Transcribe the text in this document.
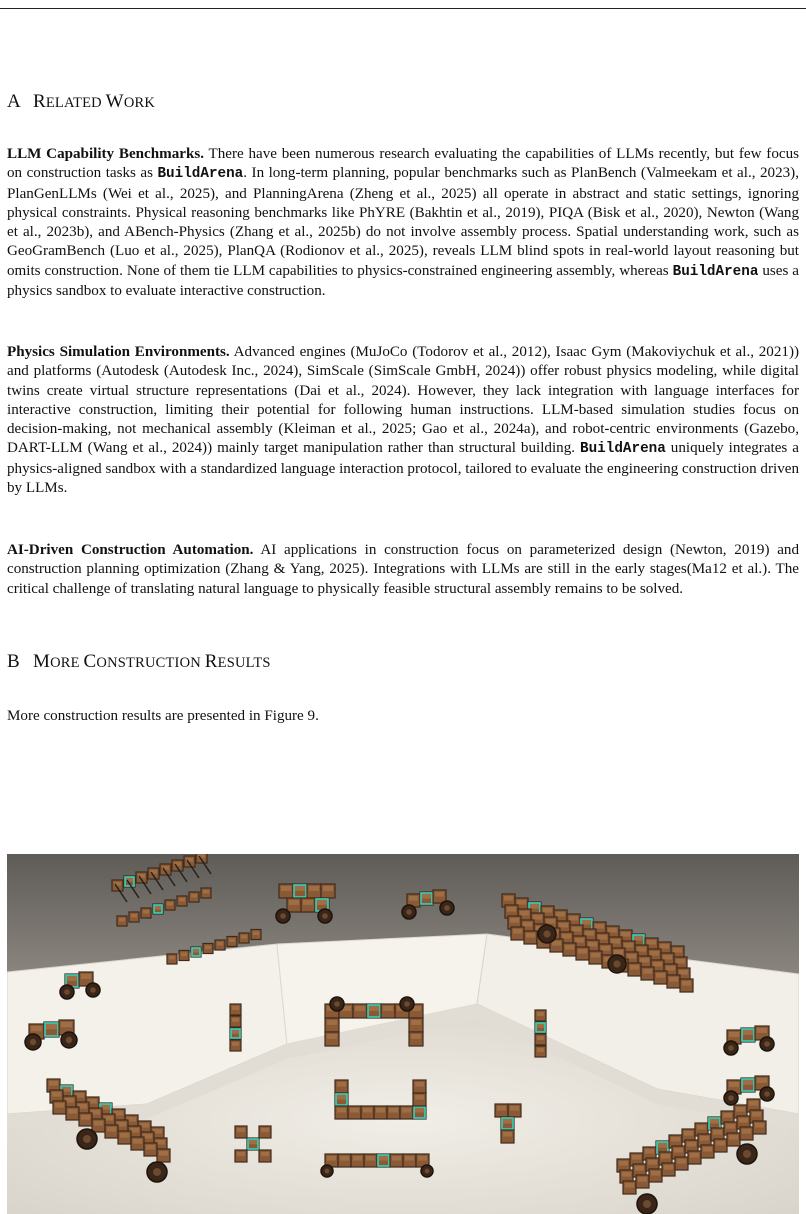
A RELATED WORK

LLM Capability Benchmarks. There have been numerous research evaluating the capabilities of LLMs recently, but few focus on construction tasks as BuildArena. In long-term planning, popular benchmarks such as PlanBench (Valmeekam et al., 2023), PlanGenLLMs (Wei et al., 2025), and PlanningArena (Zheng et al., 2025) all operate in abstract and static settings, ignoring physical constraints. Physical reasoning benchmarks like PhYRE (Bakhtin et al., 2019), PIQA (Bisk et al., 2020), Newton (Wang et al., 2023b), and ABench-Physics (Zhang et al., 2025b) do not involve assembly process. Spatial understanding work, such as GeoGramBench (Luo et al., 2025), PlanQA (Rodionov et al., 2025), reveals LLM blind spots in real-world layout reasoning but omits construction. None of them tie LLM capabilities to physics-constrained engineering assembly, whereas BuildArena uses a physics sandbox to evaluate interactive construction.

Physics Simulation Environments. Advanced engines (MuJoCo (Todorov et al., 2012), Isaac Gym (Makoviychuk et al., 2021)) and platforms (Autodesk (Autodesk Inc., 2024), SimScale (SimScale GmbH, 2024)) offer robust physics modeling, while digital twins create virtual structure representations (Dai et al., 2024). However, they lack integration with language interfaces for interactive construction, limiting their potential for following human instructions. LLM-based simulation studies focus on decision-making, not mechanical assembly (Kleiman et al., 2025; Gao et al., 2024a), and robot-centric environments (Gazebo, DART-LLM (Wang et al., 2024)) mainly target manipulation rather than structural building. BuildArena uniquely integrates a physics-aligned sandbox with a standardized language interaction protocol, tailored to evaluate the engineering construction driven by LLMs.

AI-Driven Construction Automation. AI applications in construction focus on parameterized design (Newton, 2019) and construction planning optimization (Zhang & Yang, 2025). Integrations with LLMs are still in the early stages(Ma12 et al.). The critical challenge of translating natural language to physically feasible structural assembly remains to be solved.

B MORE CONSTRUCTION RESULTS

More construction results are presented in Figure 9.
